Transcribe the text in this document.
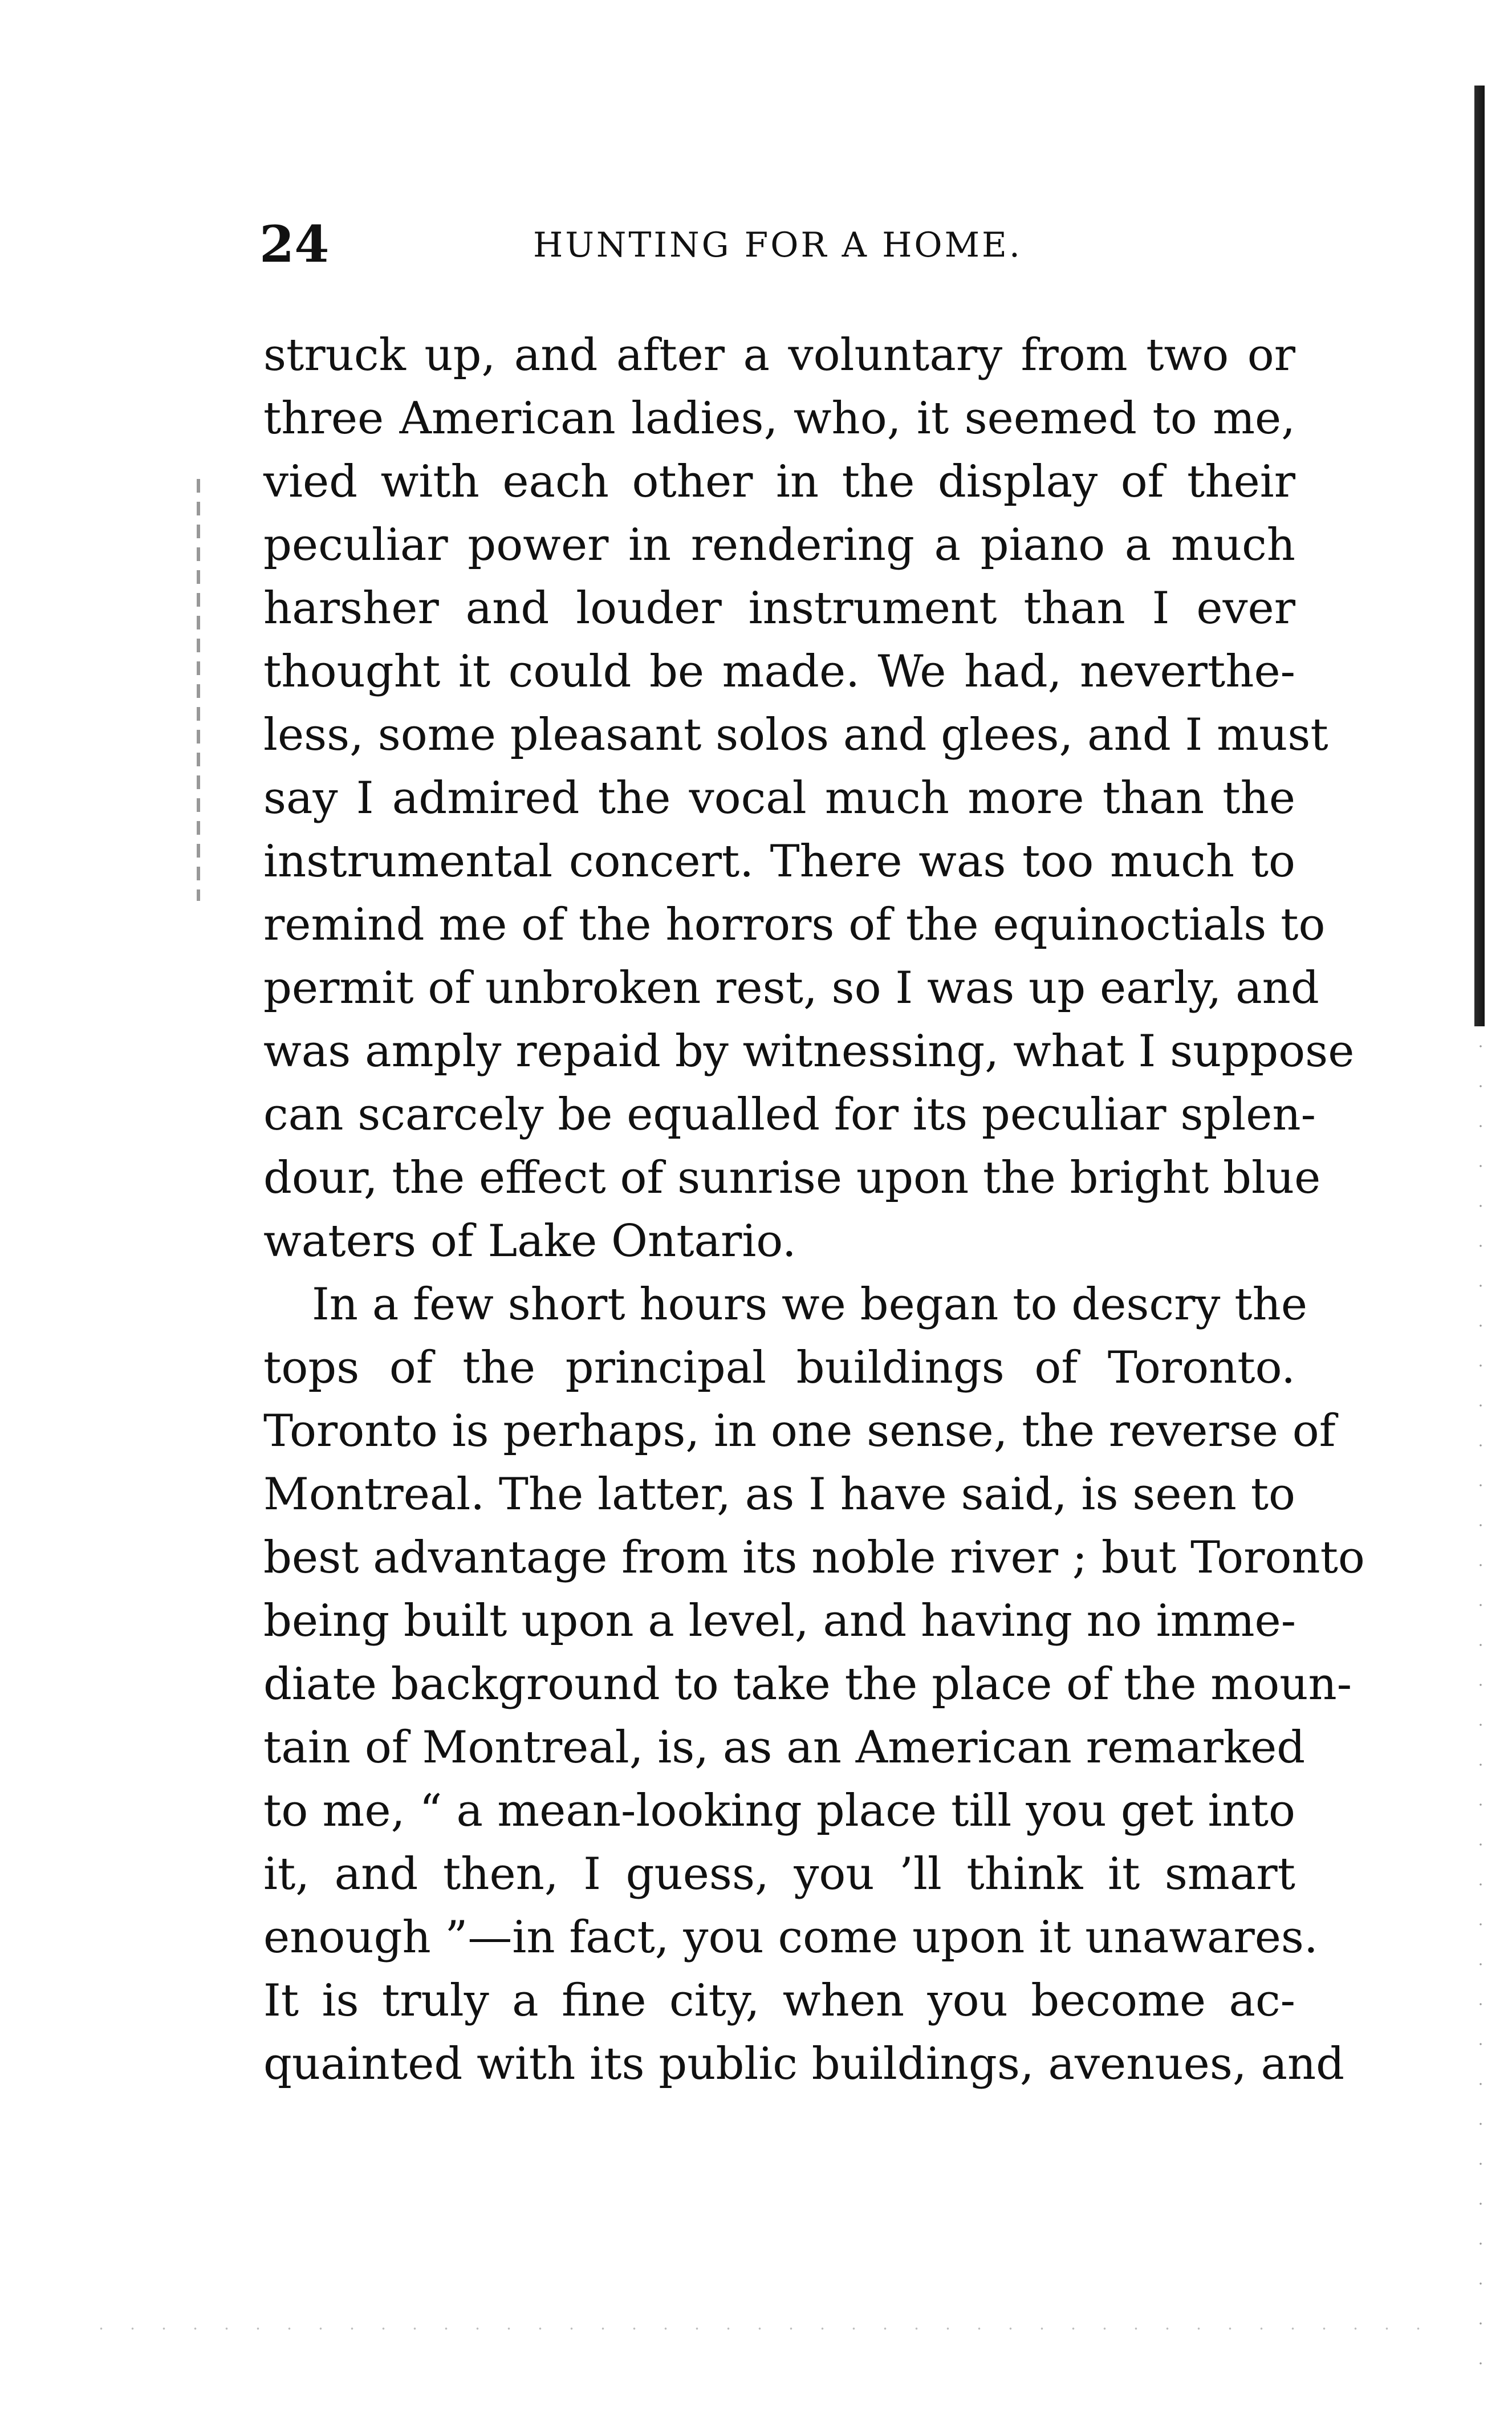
24	HUNTING FOR A HOME.
struck up, and after a voluntary from two or
three American ladies, who, it seemed to me,
vied with each other in the display of their
peculiar power in rendering a piano a much
harsher and louder instrument than I ever
thought it could be made. We had, neverthe-
less, some pleasant solos and glees, and I must
say I admired the vocal much more than the
instrumental concert. There was too much to
remind me of the horrors of the equinoctials to
permit of unbroken rest, so I was up early, and
was amply repaid by witnessing, what I suppose
can scarcely be equalled for its peculiar splen-
dour, the effect of sunrise upon the bright blue
waters of Lake Ontario.
In a few short hours we began to descry the
tops of the principal buildings of Toronto.
Toronto is perhaps, in one sense, the reverse of
Montreal. The latter, as I have said, is seen to
best advantage from its noble river ; but Toronto
being built upon a level, and having no imme-
diate background to take the place of the moun-
tain of Montreal, is, as an American remarked
to me, “ a mean-looking place till you get into
it, and then, I guess, you ’ll think it smart
enough ”—in fact, you come upon it unawares.
It is truly a fine city, when you become ac-
quainted with its public buildings, avenues, and
